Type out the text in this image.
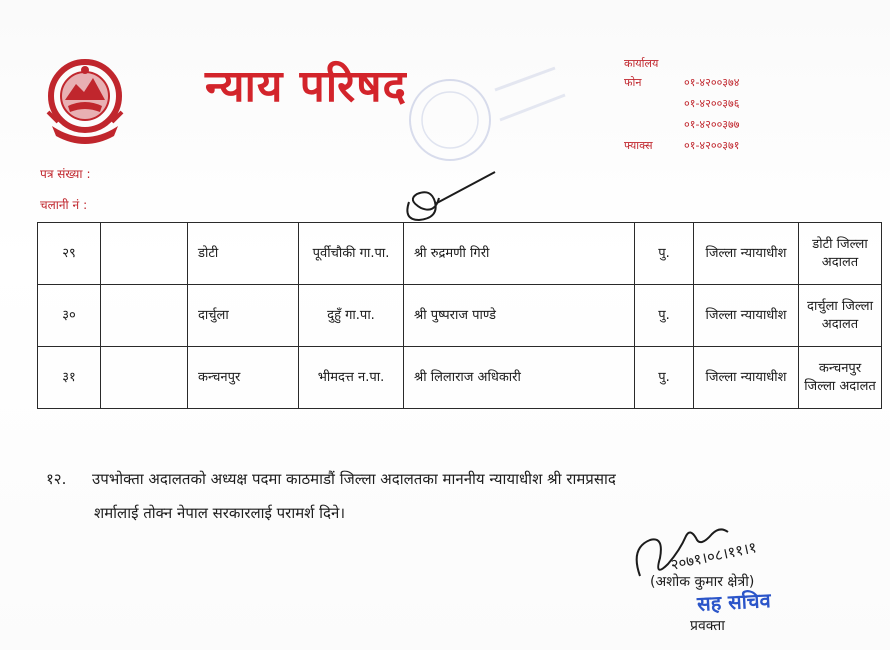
न्याय परिषद	कार्यालय
फोन	०१-४२००३७४
०१-४२००३७६
०१-४२००३७७
फ्याक्स	०१-४२००३७१
पत्र संख्या :
चलानी नं :
२९		डोटी	पूर्वीचौकी गा.पा.	श्री रुद्रमणी गिरी	पु.	जिल्ला न्यायाधीश	डोटी जिल्ला अदालत
३०		दार्चुला	दुहुँ गा.पा.	श्री पुष्पराज पाण्डे	पु.	जिल्ला न्यायाधीश	दार्चुला जिल्ला अदालत
३१		कन्चनपुर	भीमदत्त न.पा.	श्री लिलाराज अधिकारी	पु.	जिल्ला न्यायाधीश	कन्चनपुर जिल्ला अदालत
१२. उपभोक्ता अदालतको अध्यक्ष पदमा काठमाडौं जिल्ला अदालतका माननीय न्यायाधीश श्री रामप्रसाद
शर्मालाई तोक्न नेपाल सरकारलाई परामर्श दिने।
२०७१।०८।११।१
(अशोक कुमार क्षेत्री)
सह सचिव
प्रवक्ता
